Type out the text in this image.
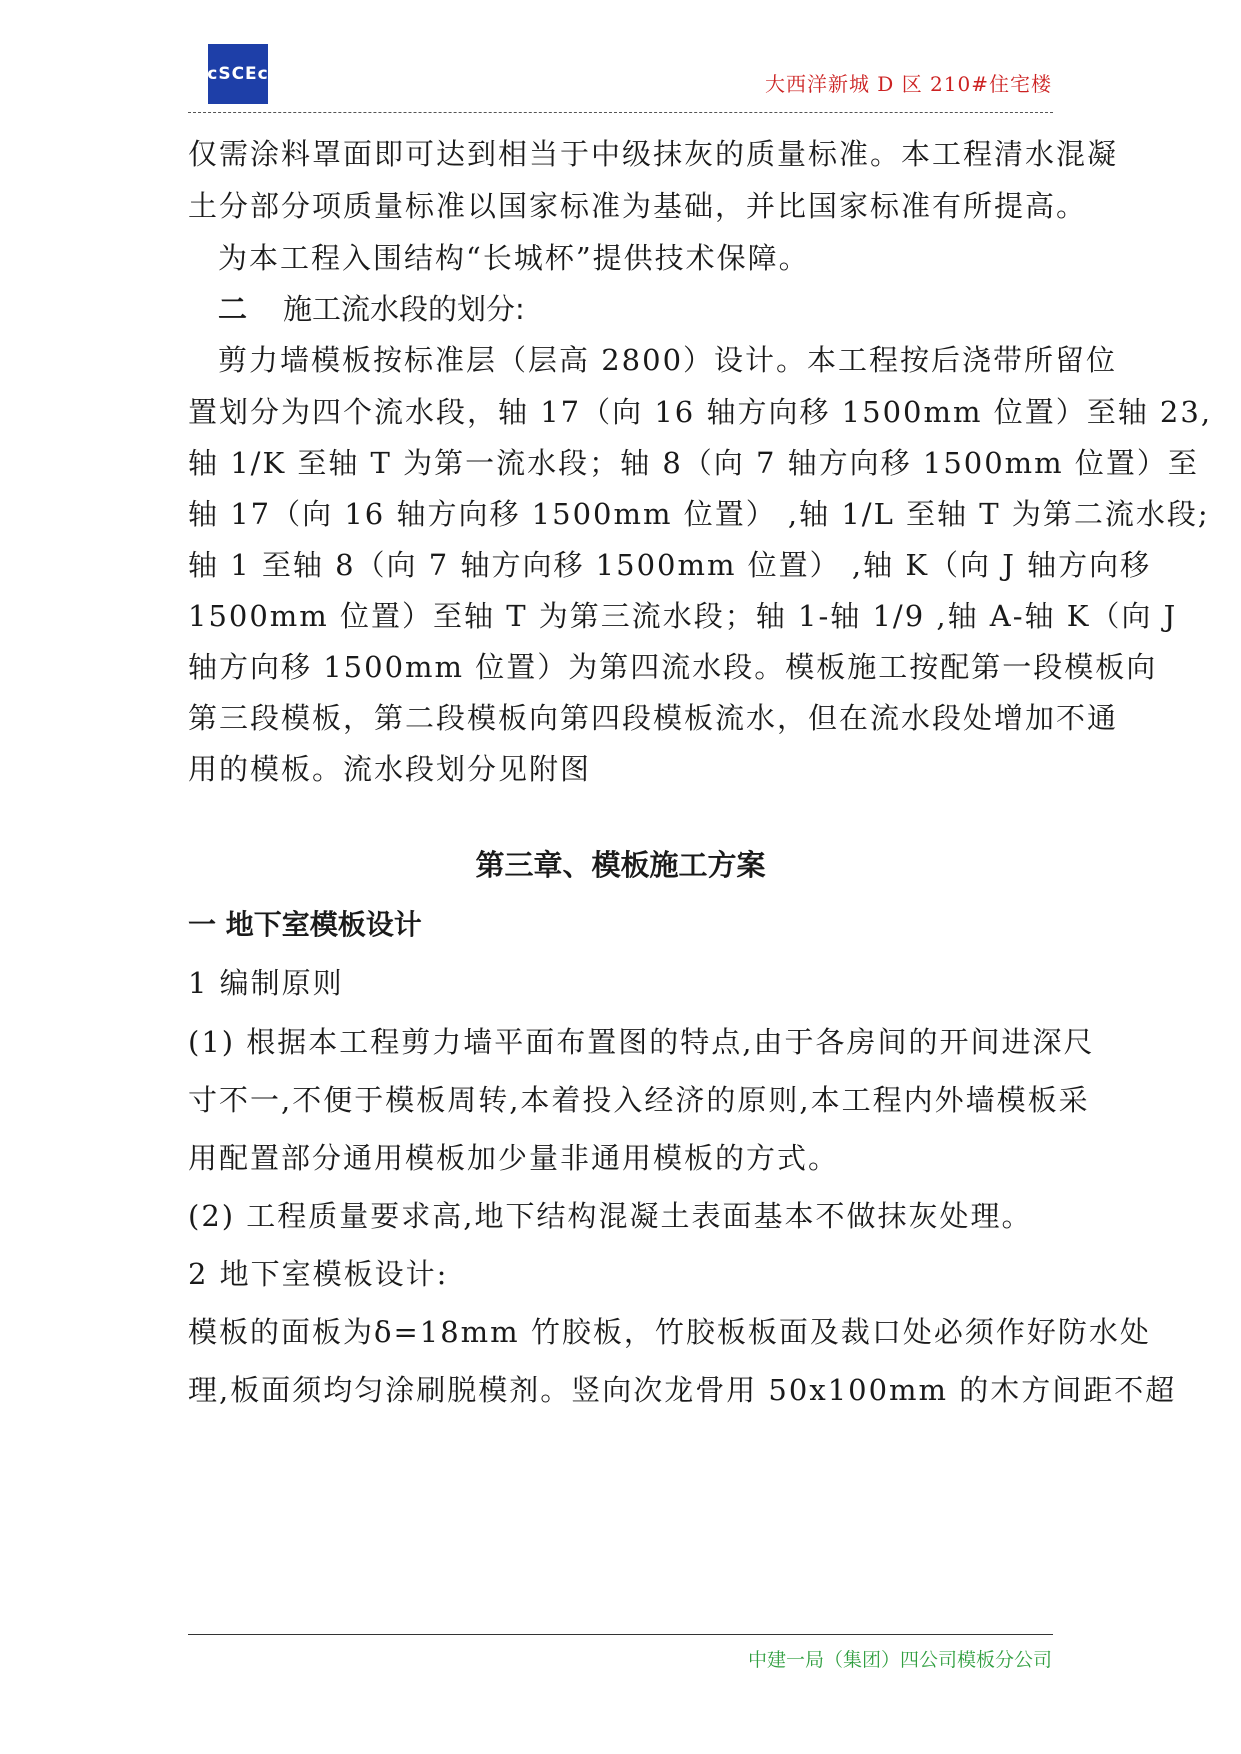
cSCEc	大西洋新城 D 区 210#住宅楼
仅需涂料罩面即可达到相当于中级抹灰的质量标准。本工程清水混凝
土分部分项质量标准以国家标准为基础，并比国家标准有所提高。
为本工程入围结构“长城杯”提供技术保障。
二 施工流水段的划分:
剪力墙模板按标准层（层高 2800）设计。本工程按后浇带所留位
置划分为四个流水段，轴 17（向 16 轴方向移 1500mm 位置）至轴 23,
轴 1/K 至轴 T 为第一流水段；轴 8（向 7 轴方向移 1500mm 位置）至
轴 17（向 16 轴方向移 1500mm 位置） ,轴 1/L 至轴 T 为第二流水段;
轴 1 至轴 8（向 7 轴方向移 1500mm 位置） ,轴 K（向 J 轴方向移
1500mm 位置）至轴 T 为第三流水段；轴 1-轴 1/9 ,轴 A-轴 K（向 J
轴方向移 1500mm 位置）为第四流水段。模板施工按配第一段模板向
第三段模板，第二段模板向第四段模板流水，但在流水段处增加不通
用的模板。流水段划分见附图
第三章、模板施工方案
一 地下室模板设计
1 编制原则
(1) 根据本工程剪力墙平面布置图的特点,由于各房间的开间进深尺
寸不一,不便于模板周转,本着投入经济的原则,本工程内外墙模板采
用配置部分通用模板加少量非通用模板的方式。
(2) 工程质量要求高,地下结构混凝土表面基本不做抹灰处理。
2 地下室模板设计:
模板的面板为δ=18mm 竹胶板，竹胶板板面及裁口处必须作好防水处
理,板面须均匀涂刷脱模剂。竖向次龙骨用 50x100mm 的木方间距不超
中建一局（集团）四公司模板分公司
